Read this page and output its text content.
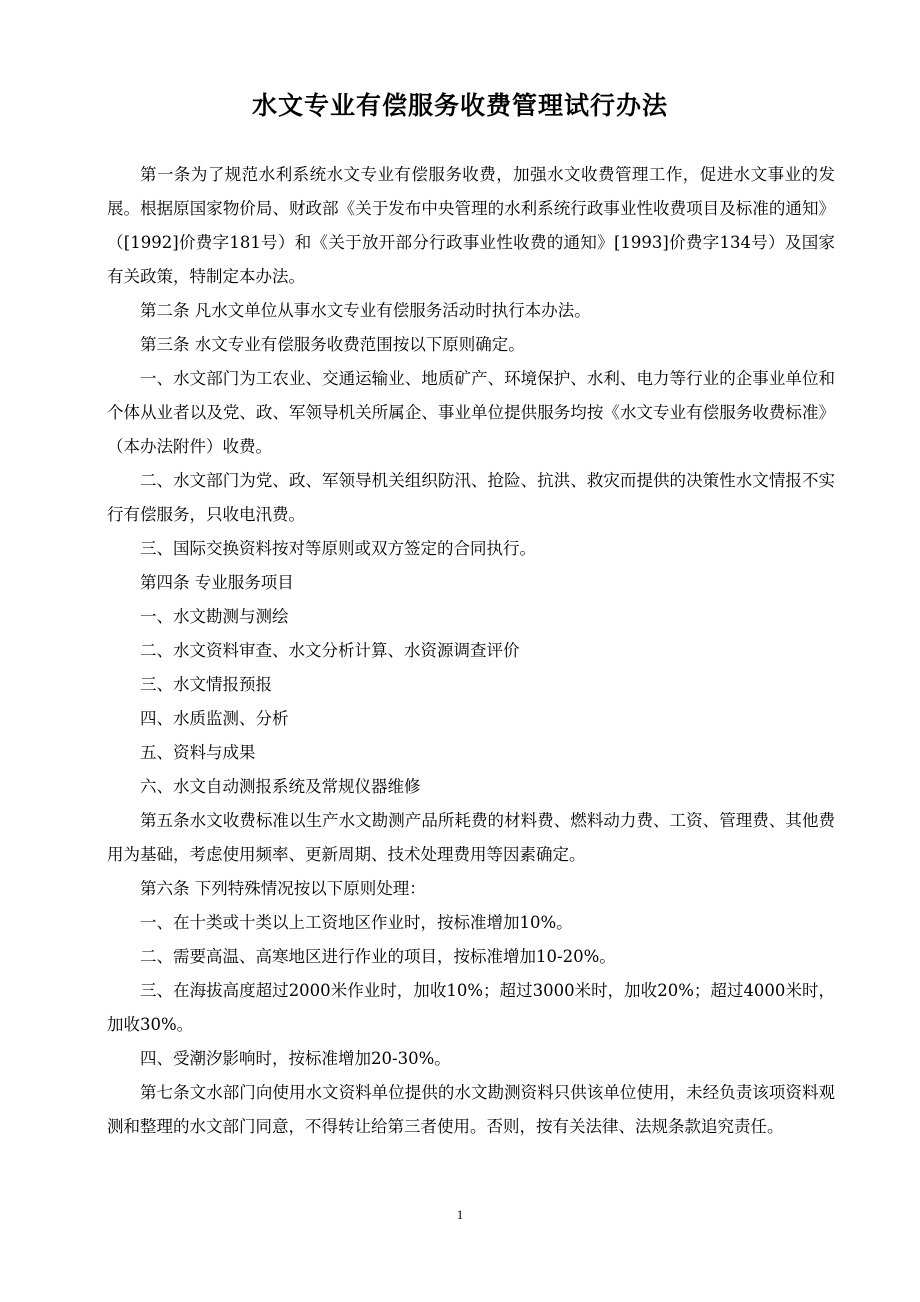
水文专业有偿服务收费管理试行办法

第一条为了规范水利系统水文专业有偿服务收费，加强水文收费管理工作，促进水文事业的发展。根据原国家物价局、财政部《关于发布中央管理的水利系统行政事业性收费项目及标准的通知》（[1992]价费字181号）和《关于放开部分行政事业性收费的通知》[1993]价费字134号）及国家有关政策，特制定本办法。

第二条 凡水文单位从事水文专业有偿服务活动时执行本办法。

第三条 水文专业有偿服务收费范围按以下原则确定。

一、水文部门为工农业、交通运输业、地质矿产、环境保护、水利、电力等行业的企事业单位和个体从业者以及党、政、军领导机关所属企、事业单位提供服务均按《水文专业有偿服务收费标准》（本办法附件）收费。

二、水文部门为党、政、军领导机关组织防汛、抢险、抗洪、救灾而提供的决策性水文情报不实行有偿服务，只收电汛费。

三、国际交换资料按对等原则或双方签定的合同执行。

第四条 专业服务项目

一、水文勘测与测绘

二、水文资料审查、水文分析计算、水资源调查评价

三、水文情报预报

四、水质监测、分析

五、资料与成果

六、水文自动测报系统及常规仪器维修

第五条水文收费标准以生产水文勘测产品所耗费的材料费、燃料动力费、工资、管理费、其他费用为基础，考虑使用频率、更新周期、技术处理费用等因素确定。

第六条 下列特殊情况按以下原则处理：

一、在十类或十类以上工资地区作业时，按标准增加10%。

二、需要高温、高寒地区进行作业的项目，按标准增加10-20%。

三、在海拔高度超过2000米作业时，加收10%；超过3000米时，加收20%；超过4000米时，加收30%。

四、受潮汐影响时，按标准增加20-30%。

第七条文水部门向使用水文资料单位提供的水文勘测资料只供该单位使用，未经负责该项资料观测和整理的水文部门同意，不得转让给第三者使用。否则，按有关法律、法规条款追究责任。

1
